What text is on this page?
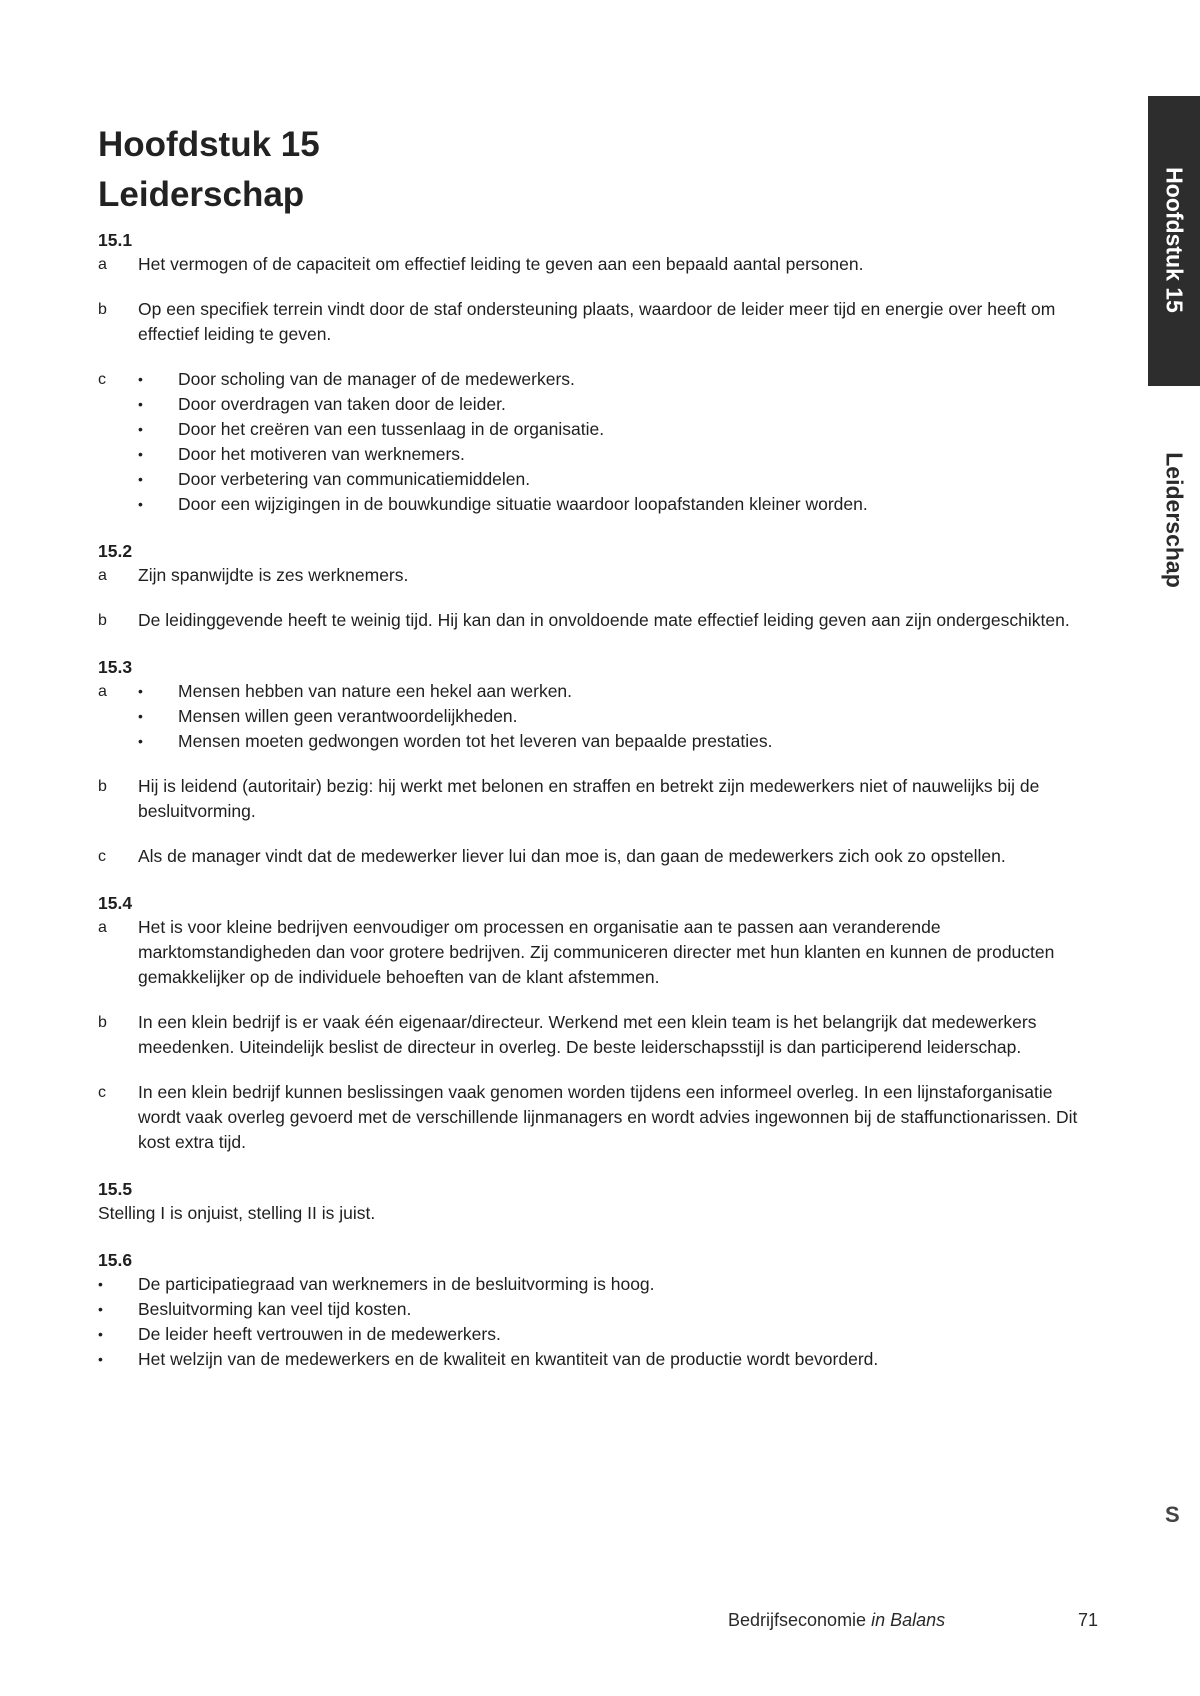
Hoofdstuk 15
Leiderschap	Hoofdstuk 15
Leiderschap
S
15.1
a	Het vermogen of de capaciteit om effectief leiding te geven aan een bepaald aantal personen.
b	Op een specifiek terrein vindt door de staf ondersteuning plaats, waardoor de leider meer tijd en energie over heeft om effectief leiding te geven.
c	•	Door scholing van de manager of de medewerkers.
•	Door overdragen van taken door de leider.
•	Door het creëren van een tussenlaag in de organisatie.
•	Door het motiveren van werknemers.
•	Door verbetering van communicatiemiddelen.
•	Door een wijzigingen in de bouwkundige situatie waardoor loopafstanden kleiner worden.
15.2
a	Zijn spanwijdte is zes werknemers.
b	De leidinggevende heeft te weinig tijd. Hij kan dan in onvoldoende mate effectief leiding geven aan zijn ondergeschikten.
15.3
a	•	Mensen hebben van nature een hekel aan werken.
•	Mensen willen geen verantwoordelijkheden.
•	Mensen moeten gedwongen worden tot het leveren van bepaalde prestaties.
b	Hij is leidend (autoritair) bezig: hij werkt met belonen en straffen en betrekt zijn medewerkers niet of nauwelijks bij de besluitvorming.
c	Als de manager vindt dat de medewerker liever lui dan moe is, dan gaan de medewerkers zich ook zo opstellen.
15.4
a	Het is voor kleine bedrijven eenvoudiger om processen en organisatie aan te passen aan veranderende marktomstandigheden dan voor grotere bedrijven. Zij communiceren directer met hun klanten en kunnen de producten gemakkelijker op de individuele behoeften van de klant afstemmen.
b	In een klein bedrijf is er vaak één eigenaar/directeur. Werkend met een klein team is het belangrijk dat medewerkers meedenken. Uiteindelijk beslist de directeur in overleg. De beste leiderschapsstijl is dan participerend leiderschap.
c	In een klein bedrijf kunnen beslissingen vaak genomen worden tijdens een informeel overleg. In een lijnstaforganisatie wordt vaak overleg gevoerd met de verschillende lijnmanagers en wordt advies ingewonnen bij de staffunctionarissen. Dit kost extra tijd.
15.5

Stelling I is onjuist, stelling II is juist.

15.6
•	De participatiegraad van werknemers in de besluitvorming is hoog.
•	Besluitvorming kan veel tijd kosten.
•	De leider heeft vertrouwen in de medewerkers.
•	Het welzijn van de medewerkers en de kwaliteit en kwantiteit van de productie wordt bevorderd.
Bedrijfseconomie in Balans	71
